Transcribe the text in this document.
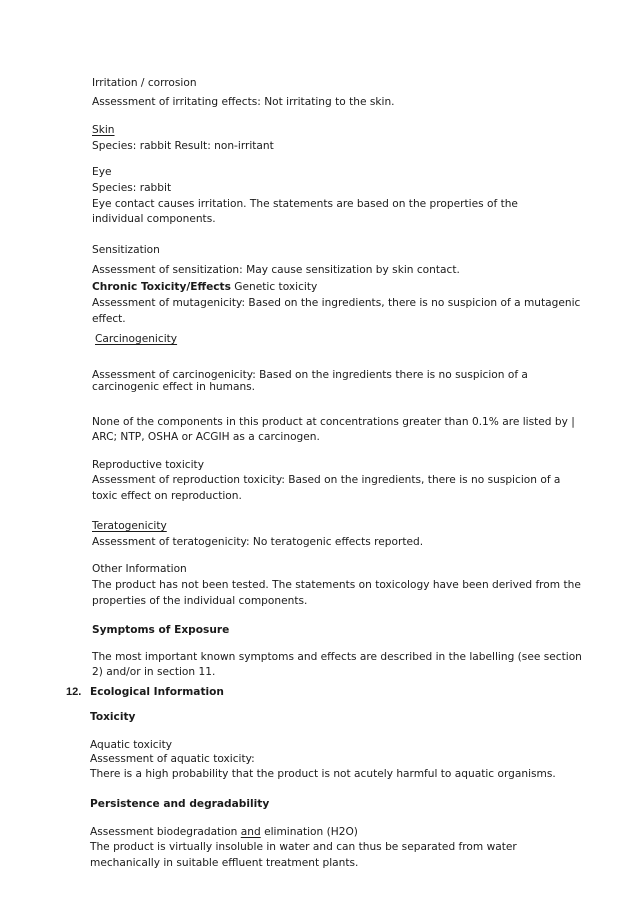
Irritation / corrosion
Assessment of irritating effects: Not irritating to the skin.
Skin
Species: rabbit Result: non-irritant
Eye
Species: rabbit
Eye contact causes irritation. The statements are based on the properties of the
individual components.
Sensitization
Assessment of sensitization: May cause sensitization by skin contact.
Chronic Toxicity/Effects Genetic toxicity
Assessment of mutagenicity: Based on the ingredients, there is no suspicion of a mutagenic
effect.
Carcinogenicity
Assessment of carcinogenicity: Based on the ingredients there is no suspicion of a
carcinogenic effect in humans.
None of the components in this product at concentrations greater than 0.1% are listed by |
ARC; NTP, OSHA or ACGIH as a carcinogen.
Reproductive toxicity
Assessment of reproduction toxicity: Based on the ingredients, there is no suspicion of a
toxic effect on reproduction.
Teratogenicity
Assessment of teratogenicity: No teratogenic effects reported.
Other Information
The product has not been tested. The statements on toxicology have been derived from the
properties of the individual components.
Symptoms of Exposure
The most important known symptoms and effects are described in the labelling (see section
2) and/or in section 11.
12. Ecological Information
Toxicity
Aquatic toxicity
Assessment of aquatic toxicity:
There is a high probability that the product is not acutely harmful to aquatic organisms.
Persistence and degradability
Assessment biodegradation and elimination (H2O)
The product is virtually insoluble in water and can thus be separated from water
mechanically in suitable effluent treatment plants.
